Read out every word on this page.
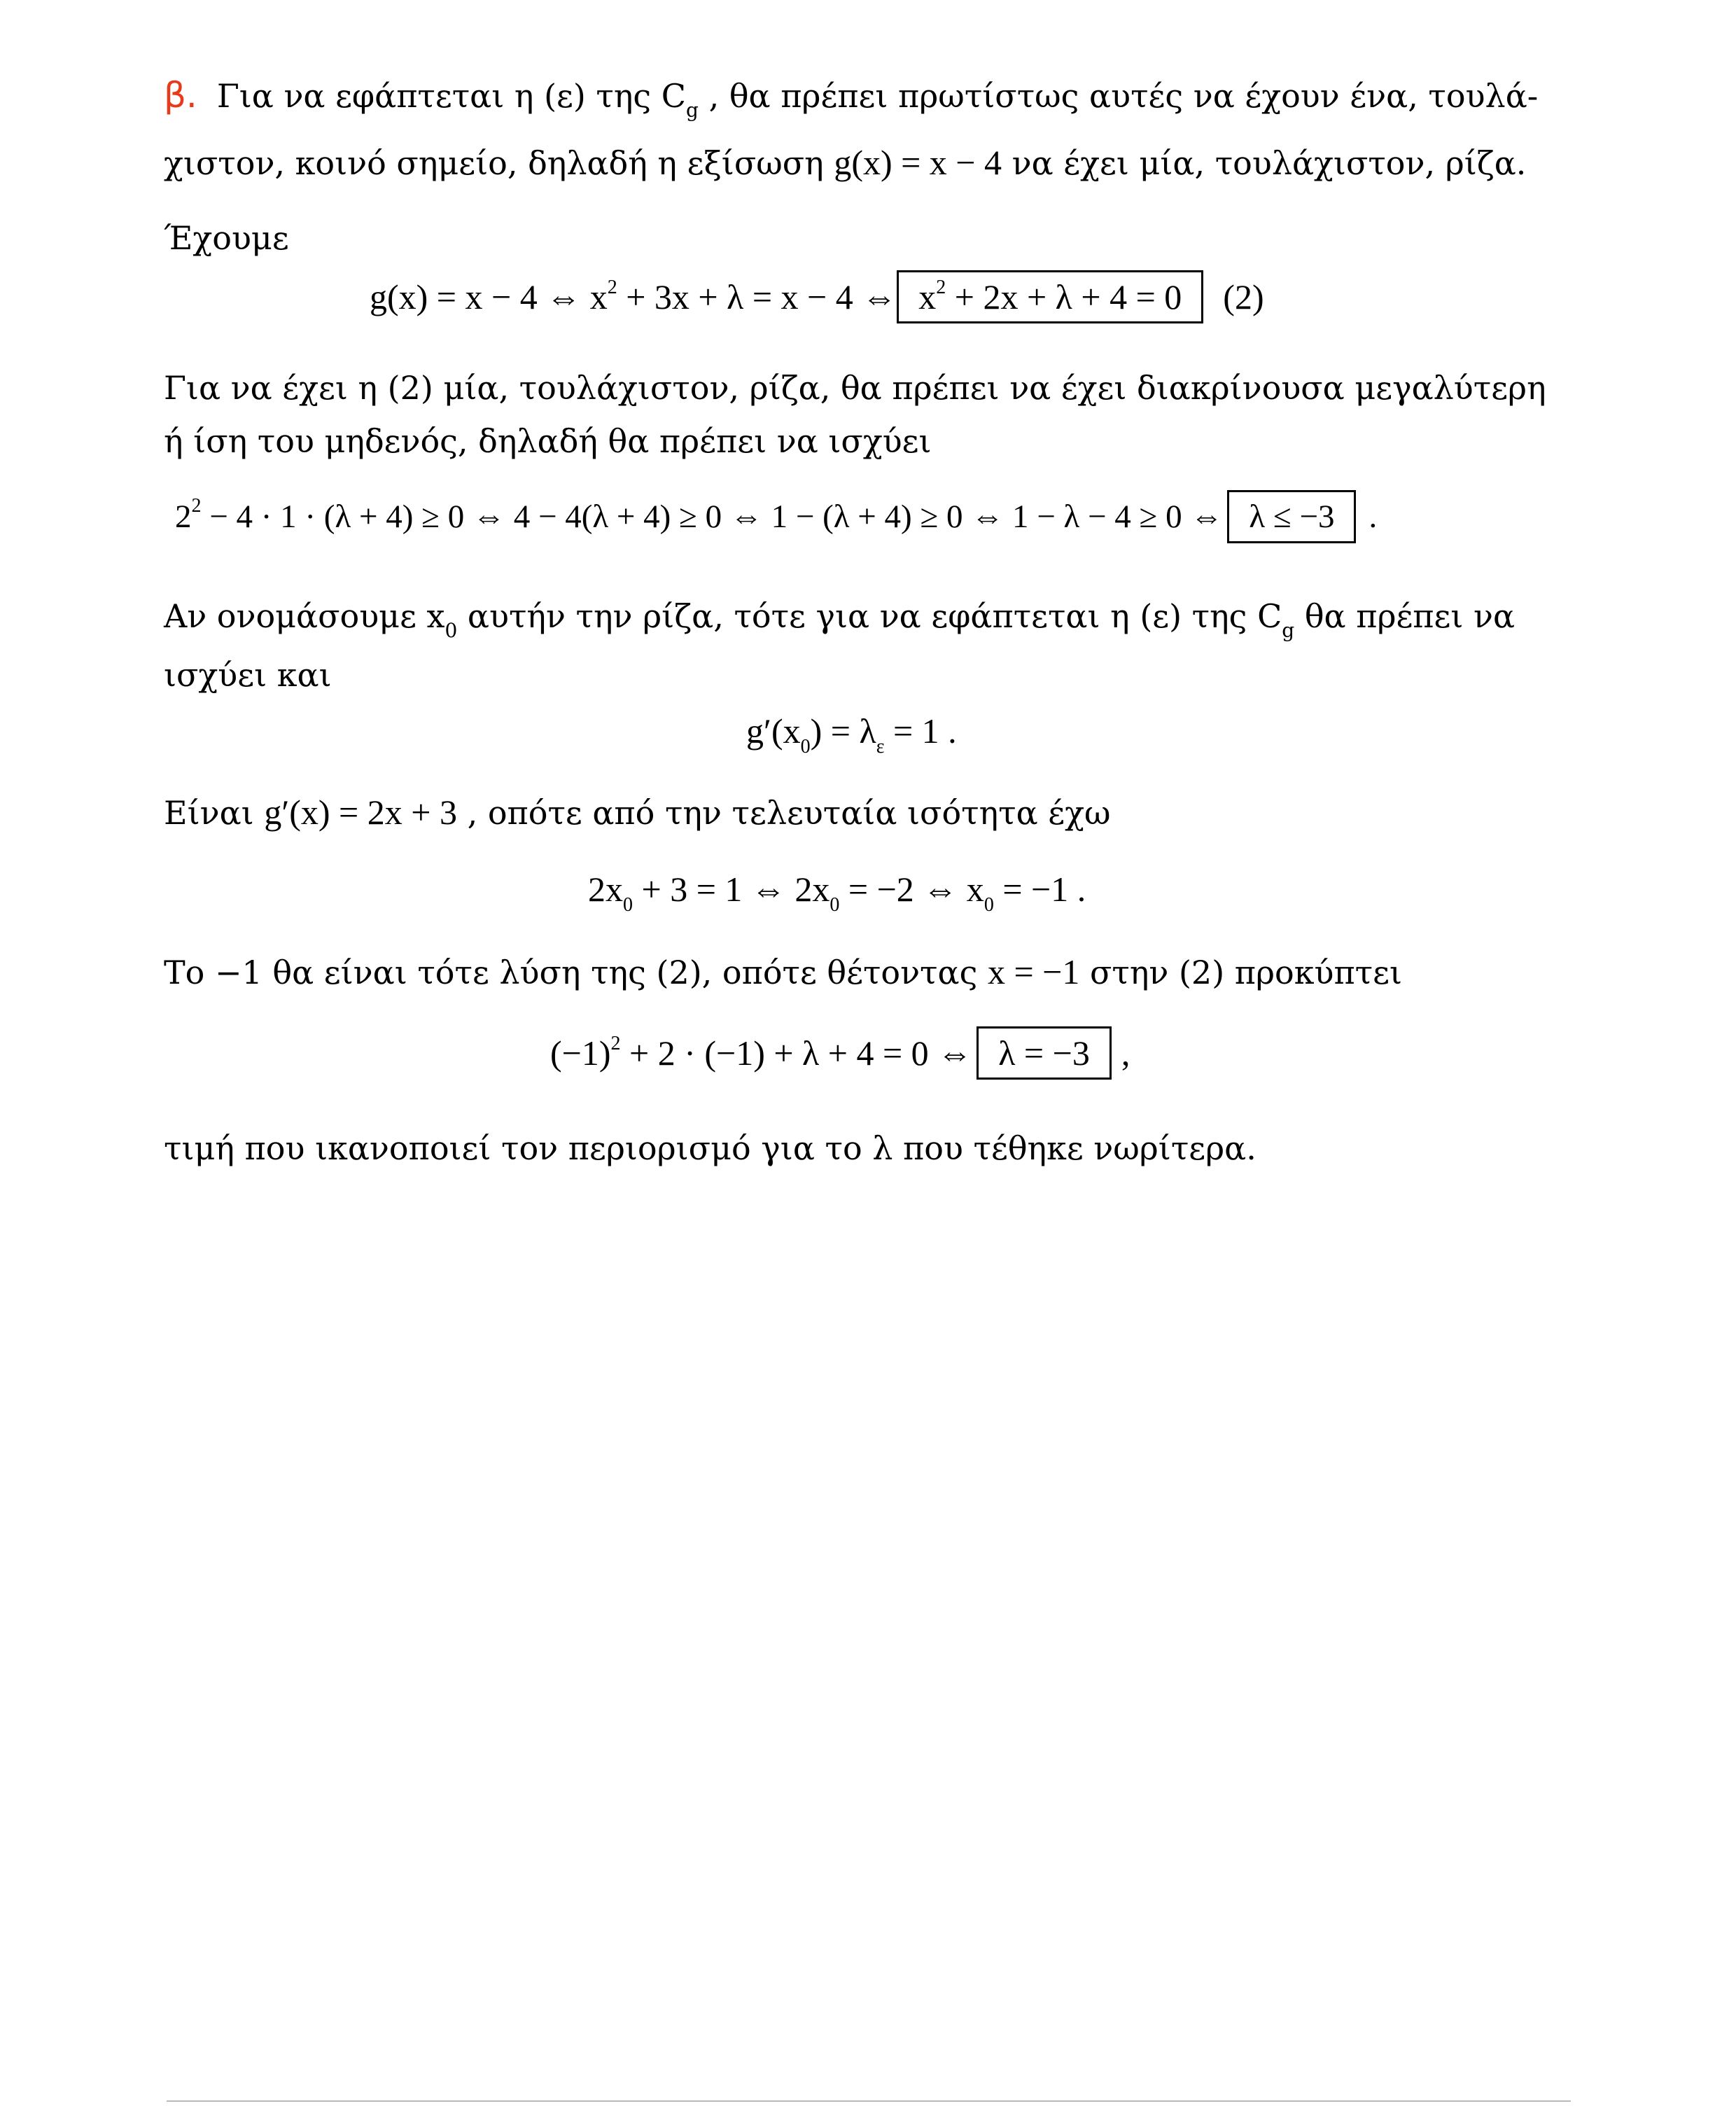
β. Για να εφάπτεται η (ε) της $C_g$ , θα πρέπει πρωτίστως αυτές να έχουν ένα, τουλά-
χιστον, κοινό σημείο, δηλαδή η εξίσωση g(x) = x − 4 να έχει μία, τουλάχιστον, ρίζα.
Έχουμε
g(x) = x − 4 ⇔ $x^2 + 3x + \lambda = x - 4$ ⇔ $x^2 + 2x + \lambda + 4 = 0$ (2)
Για να έχει η (2) μία, τουλάχιστον, ρίζα, θα πρέπει να έχει διακρίνουσα μεγαλύτερη
ή ίση του μηδενός, δηλαδή θα πρέπει να ισχύει
$2^2 - 4 \cdot 1 \cdot (\lambda + 4) \ge 0$ ⇔ 4 − 4(λ + 4) ≥ 0 ⇔ 1 − (λ + 4) ≥ 0 ⇔ 1 − λ − 4 ≥ 0 ⇔ λ ≤ −3 .
Αν ονομάσουμε $x_0$ αυτήν την ρίζα, τότε για να εφάπτεται η (ε) της $C_g$ θα πρέπει να
ισχύει και
$g'(x_0) = \lambda_\varepsilon = 1$ .
Είναι g′(x) = 2x + 3 , οπότε από την τελευταία ισότητα έχω
$2x_0 + 3 = 1$ ⇔ $2x_0 = -2$ ⇔ $x_0 = -1$ .
Το −1 θα είναι τότε λύση της (2), οπότε θέτοντας x = −1 στην (2) προκύπτει
$(-1)^2 + 2 \cdot (-1) + \lambda + 4 = 0$ ⇔ λ = −3 ,
τιμή που ικανοποιεί τον περιορισμό για το λ που τέθηκε νωρίτερα.
